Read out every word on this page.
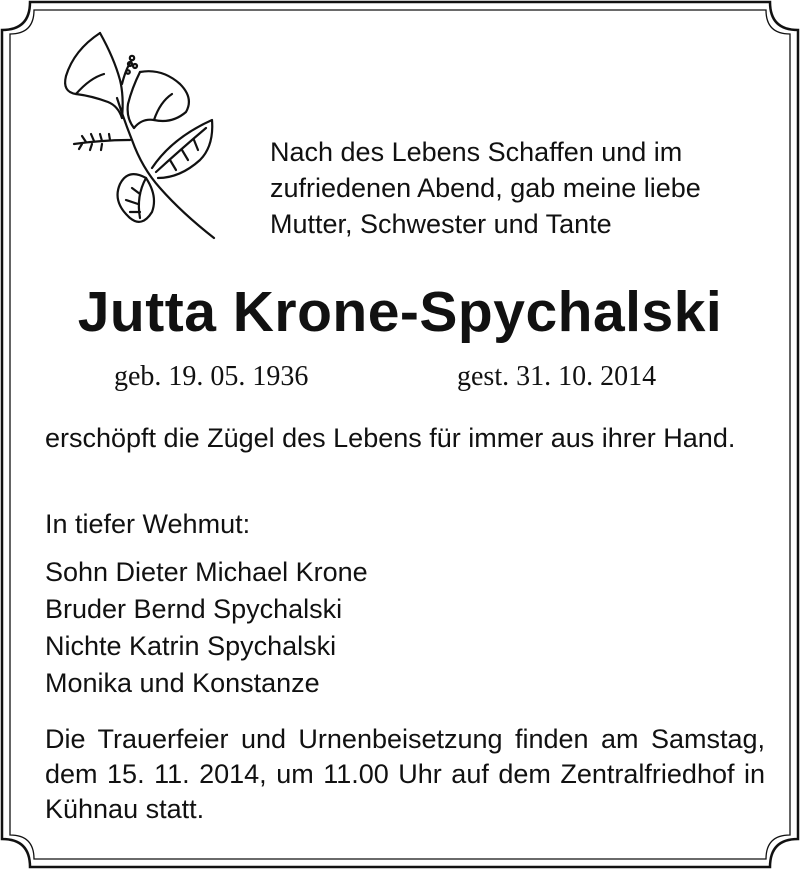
Nach des Lebens Schaffen und im
zufriedenen Abend, gab meine liebe
Mutter, Schwester und Tante
Jutta Krone-Spychalski
geb. 19. 05. 1936	gest. 31. 10. 2014
erschöpft die Zügel des Lebens für immer aus ihrer Hand.
In tiefer Wehmut:
Sohn Dieter Michael Krone
Bruder Bernd Spychalski
Nichte Katrin Spychalski
Monika und Konstanze
Die Trauerfeier und Urnenbeisetzung finden am Samstag, dem 15. 11. 2014, um 11.00 Uhr auf dem Zentralfriedhof in Kühnau statt.
